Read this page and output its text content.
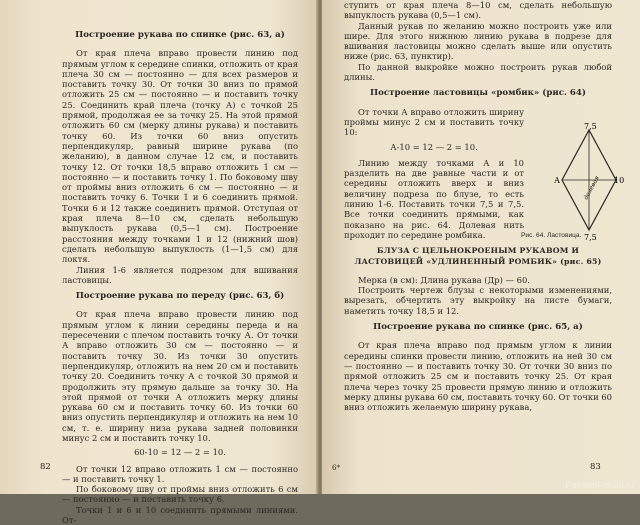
Построение рукава по спинке (рис. 63, а)

От края плеча вправо провести линию под прямым углом к середине спинки, отложить от края плеча 30 см — постоянно — для всех размеров и поставить точку 30. От точки 30 вниз по прямой отложить 25 см — постоянно — и поставить точку 25. Соединить край плеча (точку А) с точкой 25 прямой, продолжая ее за точку 25. На этой прямой отложить 60 см (мерку длины рукава) и поставить точку 60. Из точки 60 вниз опустить перпендикуляр, равный ширине рукава (по желанию), в данном случае 12 см, и поставить точку 12. От точки 18,5 вправо отложить 1 см — постоянно — и поставить точку 1. По боковому шву от проймы вниз отложить 6 см — постоянно — и поставить точку 6. Точки 1 и 6 соединить прямой. Точки 6 и 12 также соединить прямой. Отступая от края плеча 8—10 см, сделать небольшую выпуклость рукава (0,5—1 см). Построение расстояния между точками 1 и 12 (нижний шов) сделать небольшую выпуклость (1—1,5 см) для локтя.

Линия 1-6 является подрезом для вшивания ластовицы.

Построение рукава по переду (рис. 63, б)

От края плеча вправо провести линию под прямым углом к линии середины переда и на пересечении с плечом поставить точку А. От точки А вправо отложить 30 см — постоянно — и поставить точку 30. Из точки 30 опустить перпендикуляр, отложить на нем 20 см и поставить точку 20. Соединить точку А с точкой 30 прямой и продолжить эту прямую дальше за точку 30. На этой прямой от точки А отложить мерку длины рукава 60 см и поставить точку 60. Из точки 60 вниз опустить перпендикуляр и отложить на нем 10 см, т. е. ширину низа рукава задней половинки минус 2 см и поставить точку 10.

60-10 = 12 — 2 = 10.

От точки 12 вправо отложить 1 см — постоянно — и поставить точку 1.

По боковому шву от проймы вниз отложить 6 см — постоянно — и поставить точку 6.

Точки 1 и 6 и 10 соединить прямыми линиями. От-

82

ступить от края плеча 8—10 см, сделать небольшую выпуклость рукава (0,5—1 см).

Данный рукав по желанию можно построить уже или шире. Для этого нижнюю линию рукава в подрезе для вшивания ластовицы можно сделать выше или опустить ниже (рис. 63, пунктир).

По данной выкройке можно построить рукав любой длины.

Построение ластовицы «ромбик» (рис. 64)

От точки А вправо отложить ширину проймы минус 2 см и поставить точку 10:

А-10 = 12 — 2 = 10.

Линию между точками А и 10 разделить на две равные части и от середины отложить вверх и вниз величину подреза по блузе, то есть линию 1-6. Поставить точки 7,5 и 7,5. Все точки соединить прямыми, как показано на рис. 64. Долевая нить проходит по середине ромбика.

БЛУЗА С ЦЕЛЬНОКРОЕНЫМ РУКАВОМ И ЛАСТОВИЦЕЙ «УДЛИНЕННЫЙ РОМБИК» (рис. 65)

Мерка (в см): Длина рукава (Др) — 60.

Построить чертеж блузы с некоторыми изменениями, вырезать, обчертить эту выкройку на листе бумаги, наметить точку 18,5 и 12.

Построение рукава по спинке (рис. 65, а)

От края плеча вправо под прямым углом к линии середины спинки провести линию, отложить на ней 30 см — постоянно — и поставить точку 30. От точки 30 вниз по прямой отложить 25 см и поставить точку 25. От края плеча через точку 25 провести прямую линию и отложить мерку длины рукава 60 см, поставить точку 60. От точки 60 вниз отложить желаемую ширину рукава,

7,5
7,5
А	10
долевая
Рис. 64. Ластовица.
6*	83
PassionForum.ru
